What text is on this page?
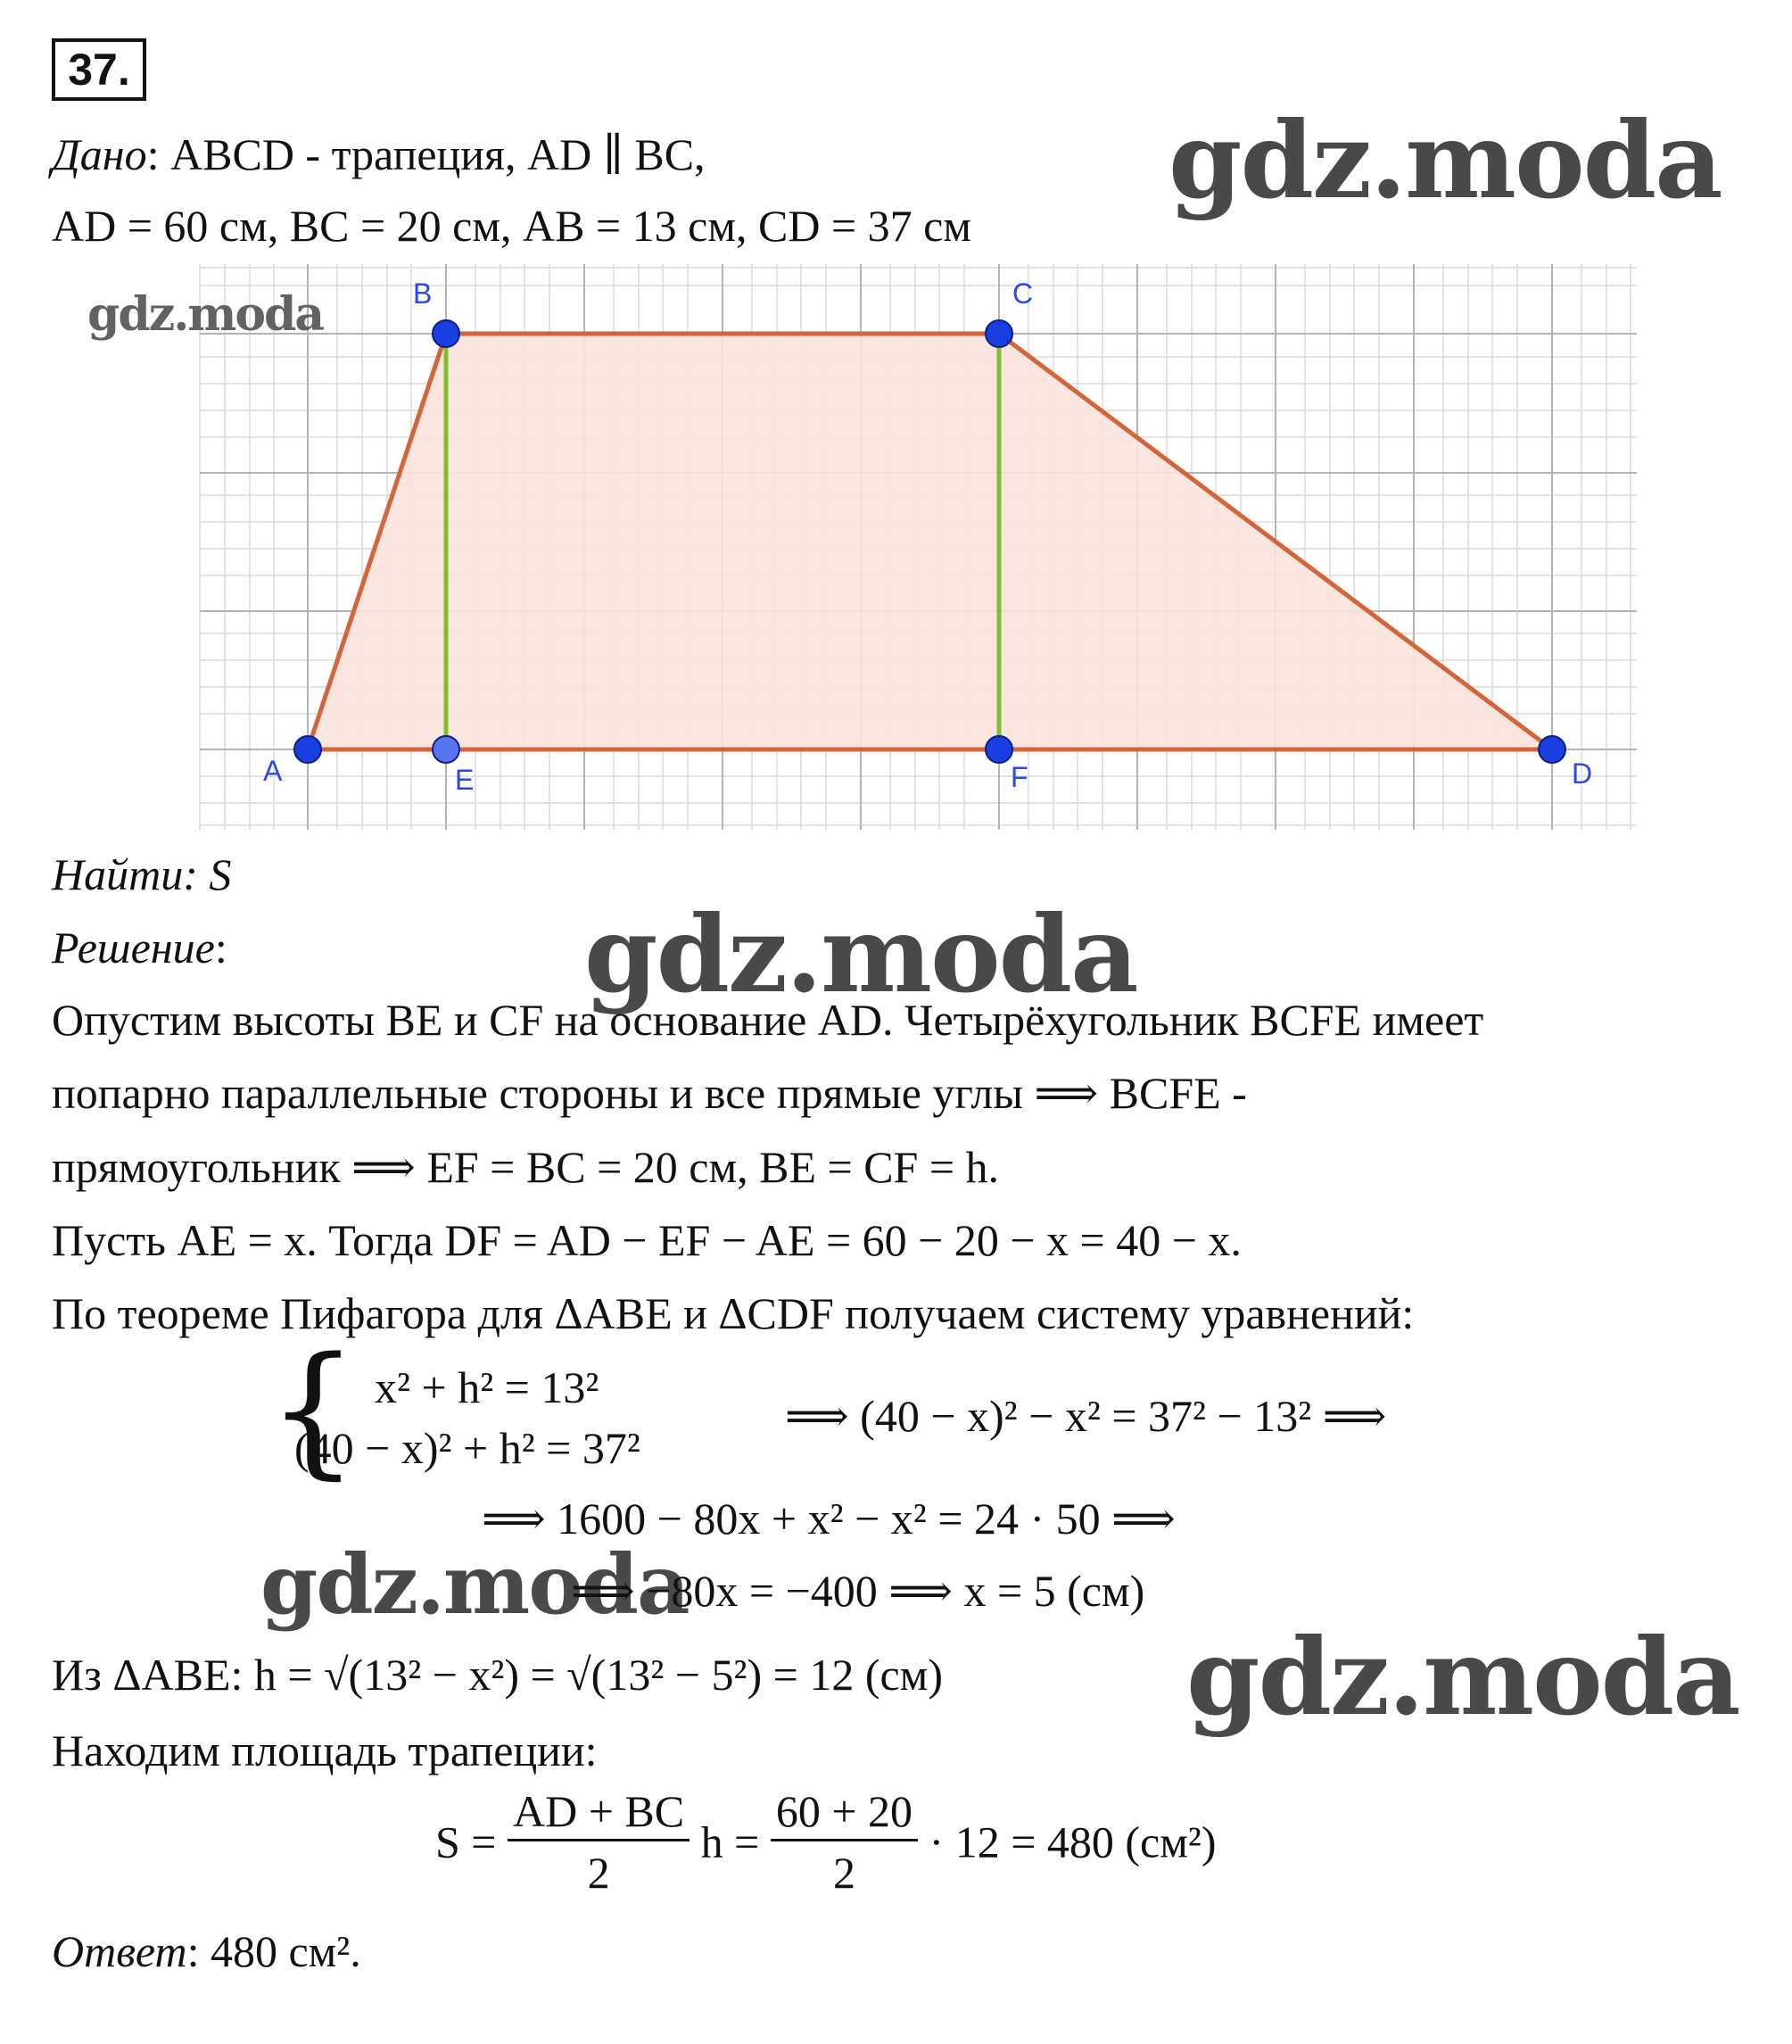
37.
Дано: ABCD - трапеция, AD ∥ BC,
AD = 60 см, BC = 20 см, AB = 13 см, CD = 37 см
gdz.moda
A
B	C
D
E	F
gdz.moda
Найти: S
Решение:	gdz.moda
Опустим высоты BE и CF на основание AD. Четырёхугольник BCFE имеет
попарно параллельные стороны и все прямые углы ⟹ BCFE -
прямоугольник ⟹ EF = BC = 20 см, BE = CF = h.
Пусть AE = x. Тогда DF = AD − EF − AE = 60 − 20 − x = 40 − x.
По теореме Пифагора для ΔABE и ΔCDF получаем систему уравнений:
{ x² + h² = 13²
(40 − x)² + h² = 37²
⟹ (40 − x)² − x² = 37² − 13² ⟹
⟹ 1600 − 80x + x² − x² = 24 · 50 ⟹
gdz.moda
⟹ −80x = −400 ⟹ x = 5 (см)
Из ΔABE: h = √(13² − x²) = √(13² − 5²) = 12 (см) gdz.moda
Находим площадь трапеции:
$S = \frac{AD + BC}{2}$ $h = \frac{60 + 20}{2} \cdot 12 = 480$ (см²)
Ответ: 480 см².
